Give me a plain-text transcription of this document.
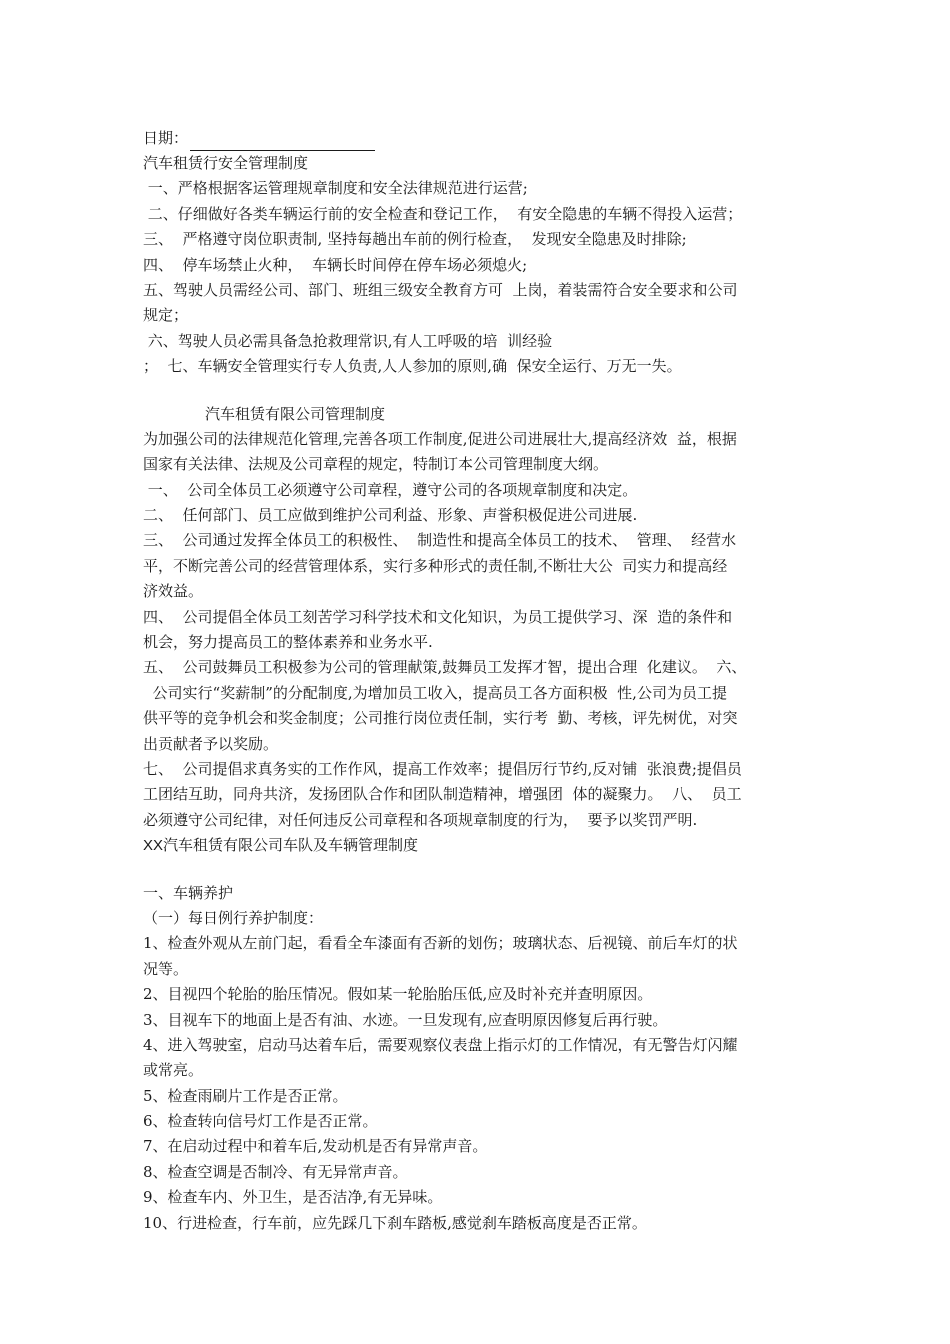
日期：

汽车租赁行安全管理制度

一、严格根据客运管理规章制度和安全法律规范进行运营;

二、仔细做好各类车辆运行前的安全检查和登记工作，  有安全隐患的车辆不得投入运营；

三、  严格遵守岗位职责制, 坚持每趟出车前的例行检查，  发现安全隐患及时排除;

四、  停车场禁止火种，  车辆长时间停在停车场必须熄火;

五、驾驶人员需经公司、部门、班组三级安全教育方可  上岗，着装需符合安全要求和公司

规定；

六、驾驶人员必需具备急抢救理常识,有人工呼吸的培  训经验

；  七、车辆安全管理实行专人负责,人人参加的原则,确  保安全运行、万无一失。

汽车租赁有限公司管理制度

为加强公司的法律规范化管理,完善各项工作制度,促进公司进展壮大,提高经济效  益，根据

国家有关法律、法规及公司章程的规定，特制订本公司管理制度大纲。

一、  公司全体员工必须遵守公司章程，遵守公司的各项规章制度和决定。

二、  任何部门、员工应做到维护公司利益、形象、声誉积极促进公司进展.

三、  公司通过发挥全体员工的积极性、  制造性和提高全体员工的技术、  管理、  经营水

平，不断完善公司的经营管理体系，实行多种形式的责任制,不断壮大公  司实力和提高经

济效益。

四、  公司提倡全体员工刻苦学习科学技术和文化知识，为员工提供学习、深  造的条件和

机会，努力提高员工的整体素养和业务水平.

五、  公司鼓舞员工积极参为公司的管理献策,鼓舞员工发挥才智，提出合理  化建议。  六、

公司实行“奖薪制”的分配制度,为增加员工收入，提高员工各方面积极  性,公司为员工提

供平等的竞争机会和奖金制度；公司推行岗位责任制，实行考  勤、考核，评先树优，对突

出贡献者予以奖励。

七、  公司提倡求真务实的工作作风，提高工作效率；提倡厉行节约,反对铺  张浪费;提倡员

工团结互助，同舟共济，发扬团队合作和团队制造精神，增强团  体的凝聚力。  八、  员工

必须遵守公司纪律，对任何违反公司章程和各项规章制度的行为，  要予以奖罚严明.

XX汽车租赁有限公司车队及车辆管理制度

一、车辆养护

（一）每日例行养护制度：

1、检查外观从左前门起，看看全车漆面有否新的划伤；玻璃状态、后视镜、前后车灯的状

况等。

2、目视四个轮胎的胎压情况。假如某一轮胎胎压低,应及时补充并查明原因。

3、目视车下的地面上是否有油、水迹。一旦发现有,应查明原因修复后再行驶。

4、进入驾驶室，启动马达着车后，需要观察仪表盘上指示灯的工作情况，有无警告灯闪耀

或常亮。

5、检查雨刷片工作是否正常。

6、检查转向信号灯工作是否正常。

7、在启动过程中和着车后,发动机是否有异常声音。

8、检查空调是否制冷、有无异常声音。

9、检查车内、外卫生，是否洁净,有无异味。

10、行进检查，行车前，应先踩几下刹车踏板,感觉刹车踏板高度是否正常。
